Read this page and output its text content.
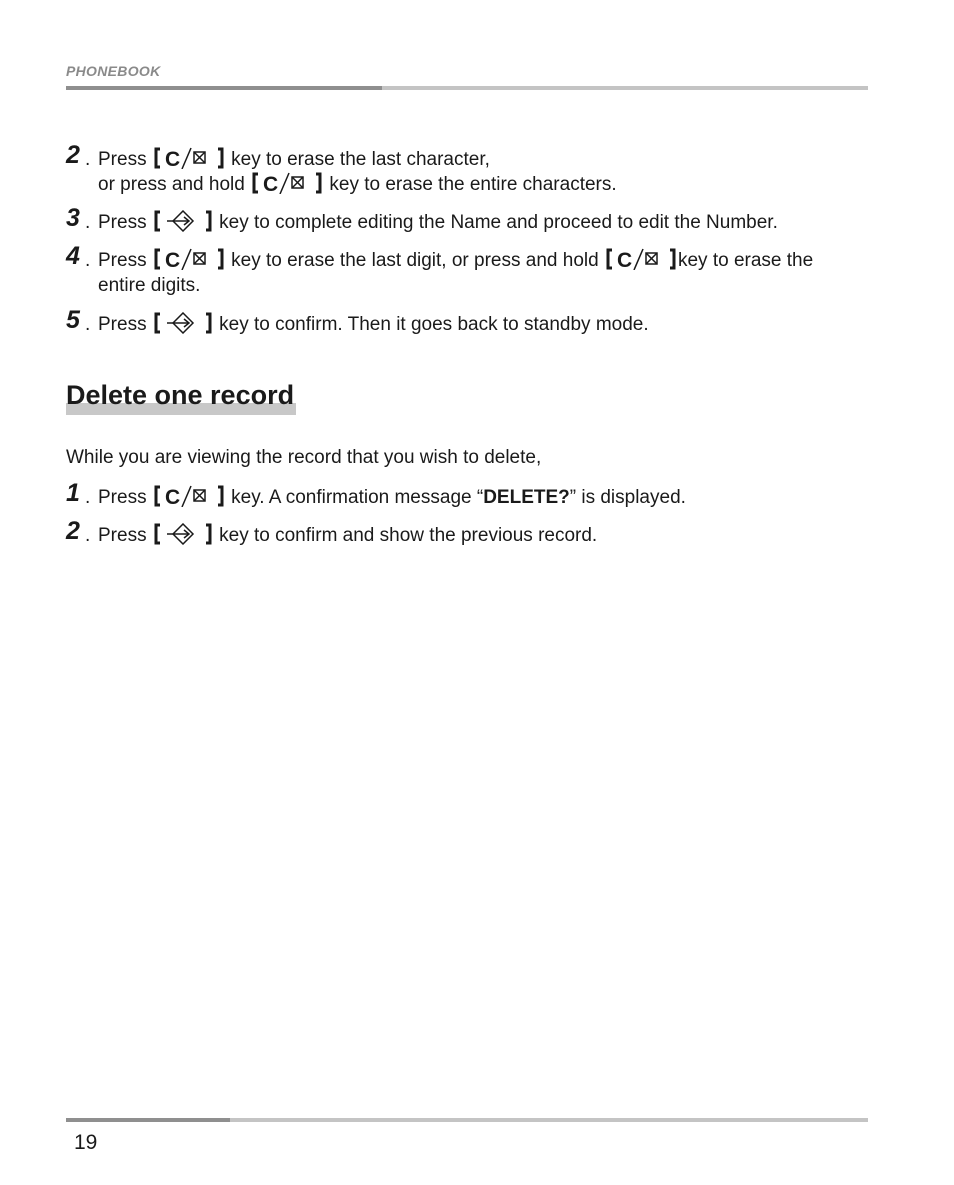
PHONEBOOK
2 . Press C	key to erase the last character,
or press and hold C	key to erase the entire characters.
3 . Press	key to complete editing the Name and proceed to edit the Number.
4 . Press C	key to erase the last digit, or press and hold C key to erase the
entire digits.
5 . Press	key to confirm. Then it goes back to standby mode.
Delete one record
While you are viewing the record that you wish to delete,
1 . Press C	key. A confirmation message “DELETE?” is displayed.
2 . Press	key to confirm and show the previous record.
19
